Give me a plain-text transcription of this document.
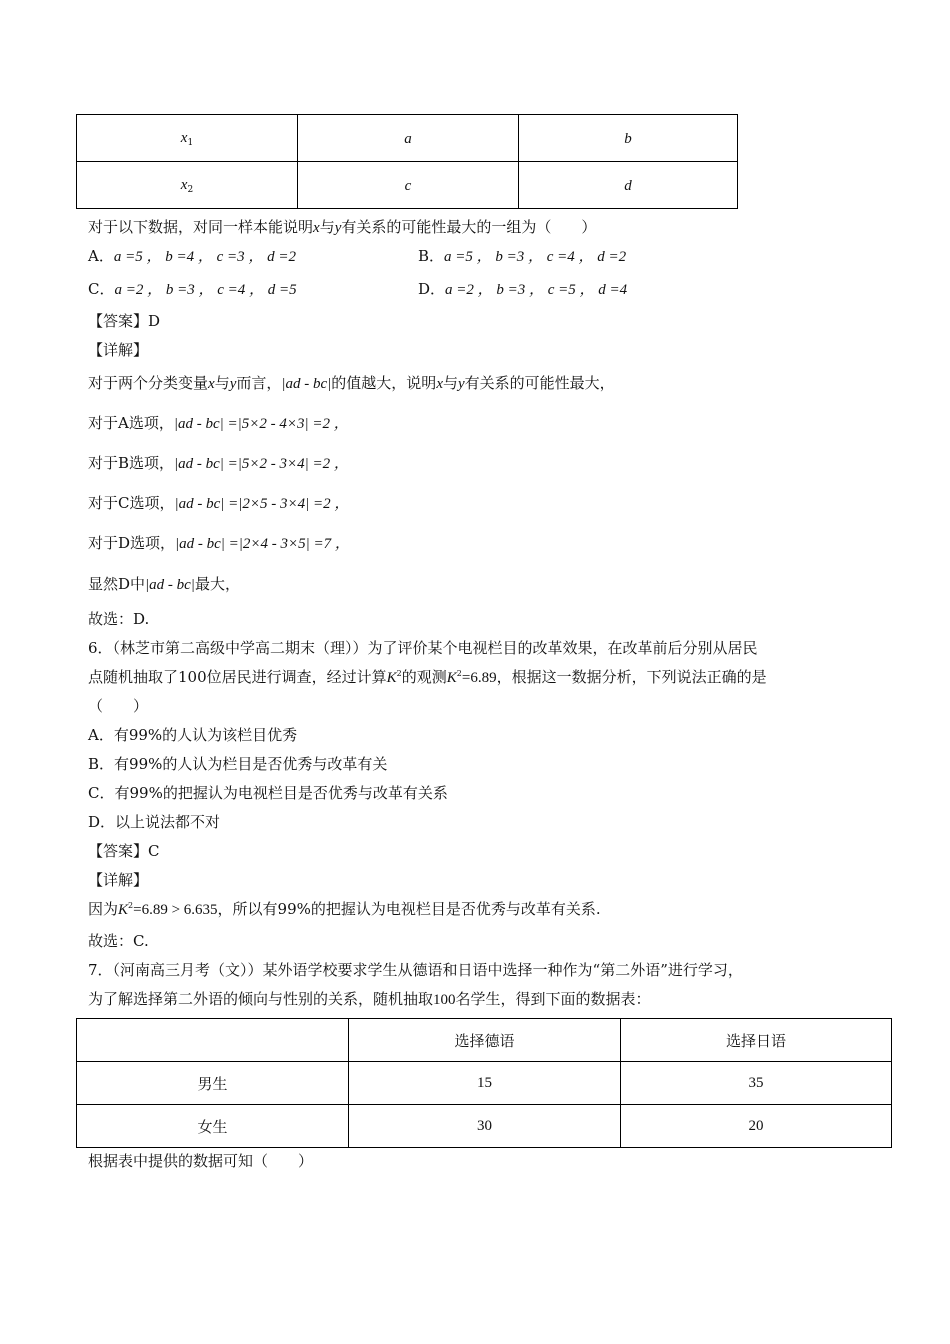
$x_1$	a	b
$x_2$	c	d
对于以下数据，对同一样本能说明x与y有关系的可能性最大的一组为（　　）
A．a =5 ， b =4 ， c =3 ， d =2	B．a =5 ， b =3 ， c =4 ， d =2
C．a =2 ， b =3 ， c =4 ， d =5	D．a =2 ， b =3 ， c =5 ， d =4
【答案】D
【详解】
对于两个分类变量x与y而言，|ad - bc|的值越大，说明x与y有关系的可能性最大，
对于A选项，|ad - bc| =|5×2 - 4×3| =2 ，
对于B选项，|ad - bc| =|5×2 - 3×4| =2 ，
对于C选项，|ad - bc| =|2×5 - 3×4| =2 ，
对于D选项，|ad - bc| =|2×4 - 3×5| =7 ，
显然D中|ad - bc|最大，
故选：D.
6．（林芝市第二高级中学高二期末（理））为了评价某个电视栏目的改革效果，在改革前后分别从居民
点随机抽取了100位居民进行调查，经过计算$K^2$的观测$K^2=6.89$，根据这一数据分析，下列说法正确的是
（　　）
A．有99%的人认为该栏目优秀
B．有99%的人认为栏目是否优秀与改革有关
C．有99%的把握认为电视栏目是否优秀与改革有关系
D．以上说法都不对
【答案】C
【详解】
因为$K^2=6.89 > 6.635$，所以有99%的把握认为电视栏目是否优秀与改革有关系.
故选：C.
7．（河南高三月考（文））某外语学校要求学生从德语和日语中选择一种作为“第二外语”进行学习，
为了解选择第二外语的倾向与性别的关系，随机抽取100名学生，得到下面的数据表：
	选择德语	选择日语
男生	15	35
女生	30	20
根据表中提供的数据可知（　　）
